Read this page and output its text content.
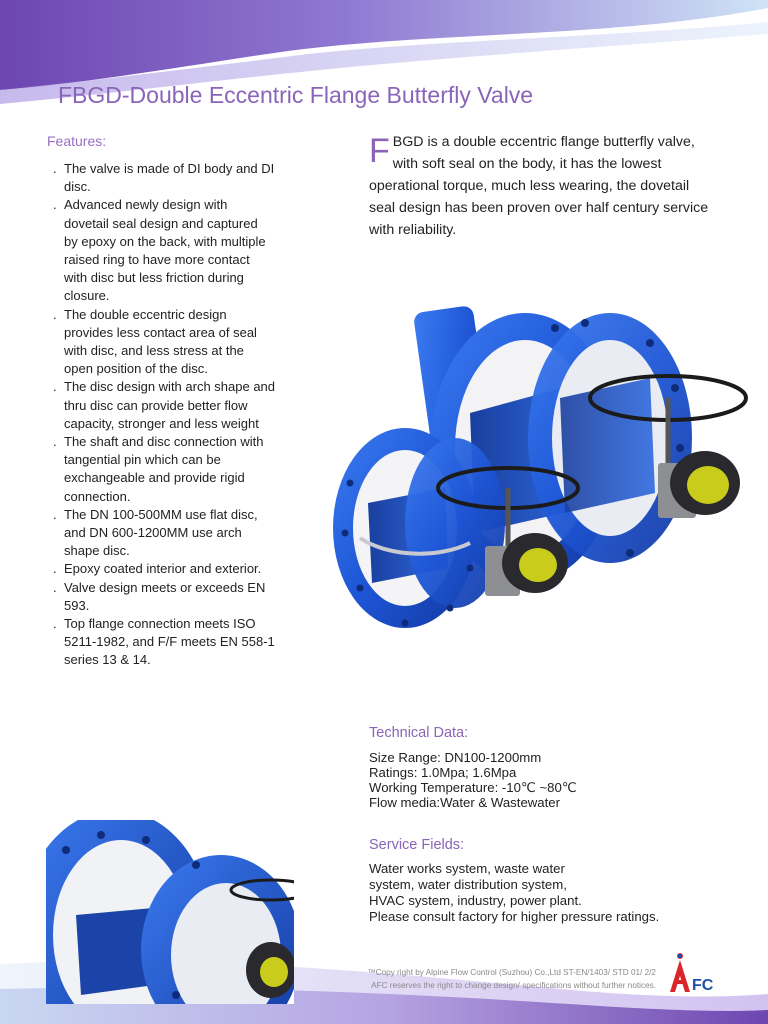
FBGD-Double Eccentric Flange Butterfly Valve
Features:
. The valve is made of DI body and DI disc.
. Advanced newly design with dovetail seal design and captured by epoxy on the back, with multiple raised ring to have more contact with disc but less friction during closure.
. The double eccentric design provides less contact area of seal with disc, and less stress at the open position of the disc.
. The disc design with arch shape and thru disc can provide better flow capacity, stronger and less weight
. The shaft and disc connection with tangential pin which can be exchangeable and provide rigid connection.
. The DN 100-500MM use flat disc, and DN 600-1200MM use arch shape disc.
. Epoxy coated interior and exterior.
. Valve design meets or exceeds EN 593.
. Top flange connection meets ISO 5211-1982, and F/F meets EN 558-1 series 13 & 14.
FBGD is a double eccentric flange butterfly valve, with soft seal on the body, it has the lowest operational torque, much less wearing, the dovetail seal design has been proven over half century service with reliability.
Technical Data:
Size Range: DN100-1200mm
Ratings: 1.0Mpa; 1.6Mpa
Working Temperature: -10℃ ~80℃
Flow media:Water & Wastewater
Service Fields:
Water works system, waste water
system, water distribution system,
HVAC system, industry, power plant.
Please consult factory for higher pressure ratings.
™Copy right by Alpine Flow Control (Suzhou) Co.,Ltd ST-EN/1403/ STD 01/ 2/2
AFC reserves the right to change design/ specifications without further notices. FC
